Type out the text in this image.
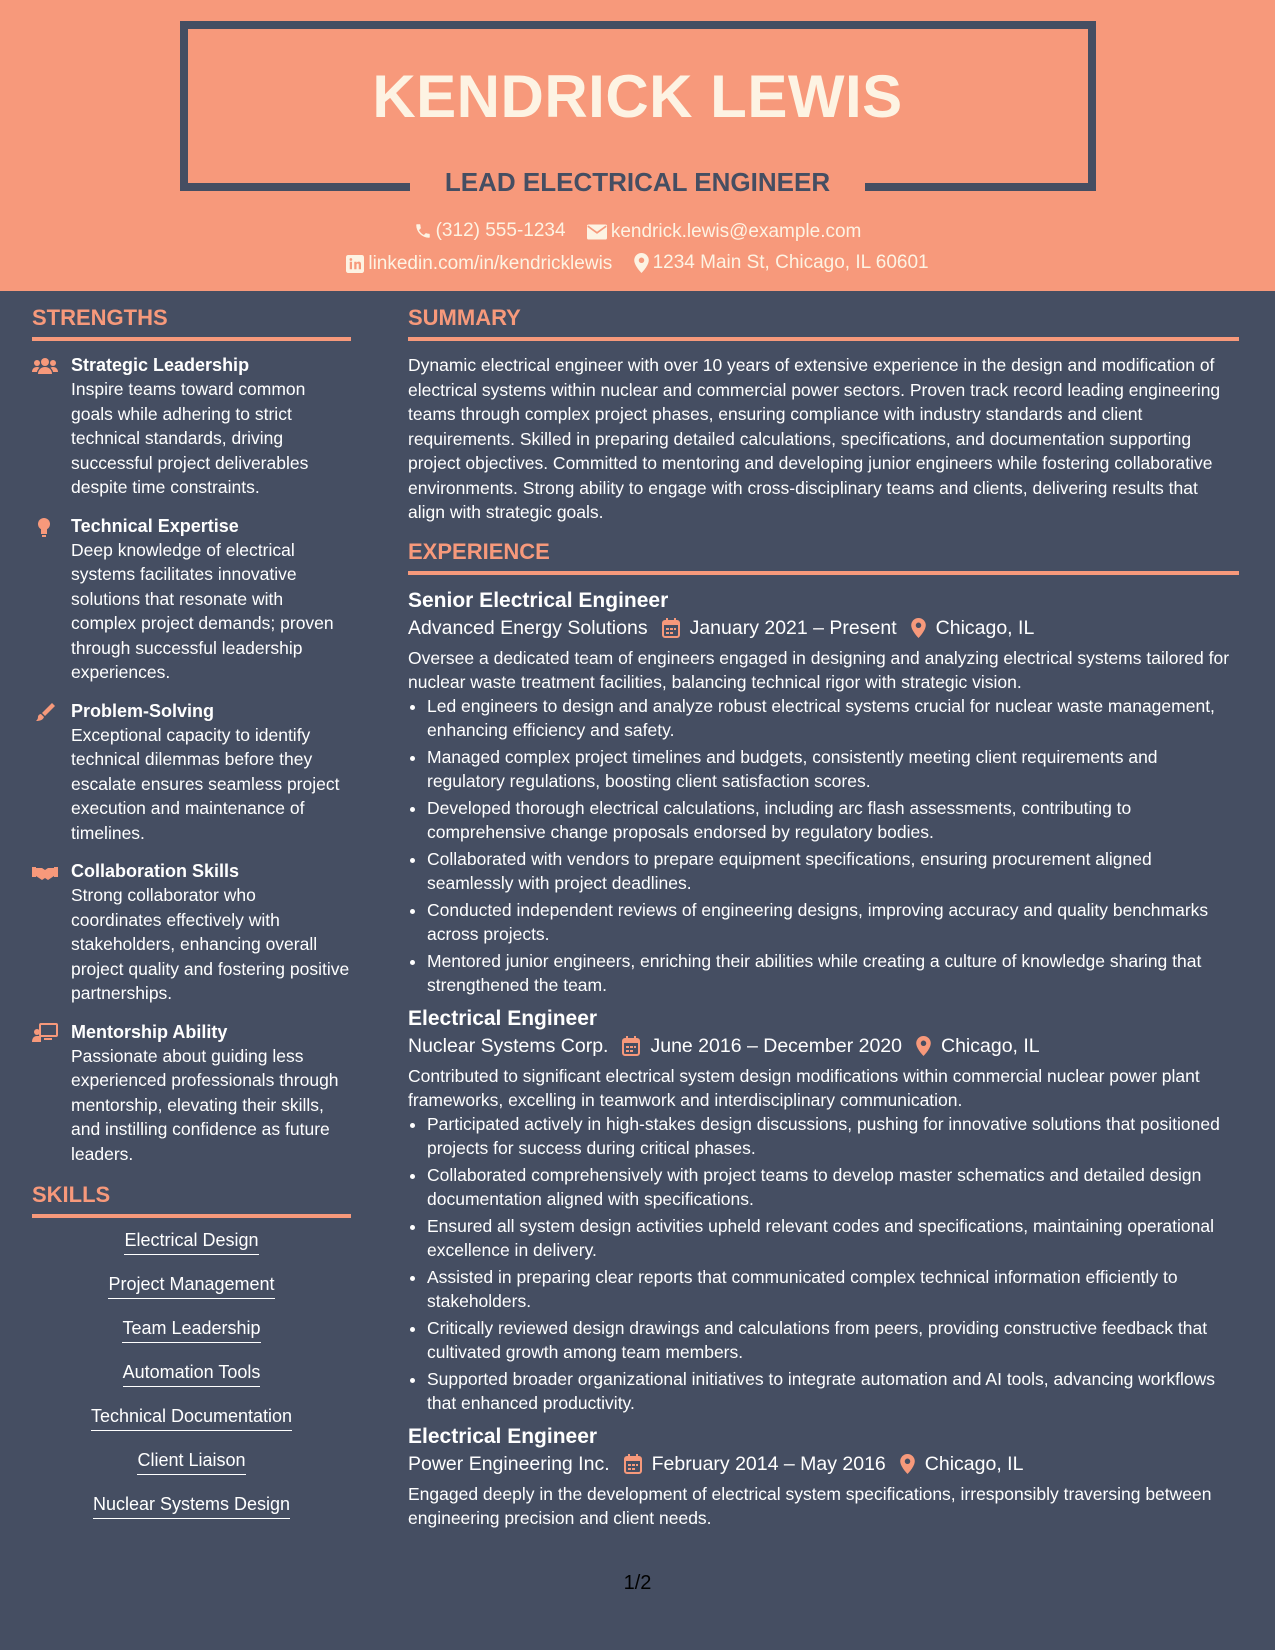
KENDRICK LEWIS
LEAD ELECTRICAL ENGINEER
(312) 555-1234
kendrick.lewis@example.com
linkedin.com/in/kendricklewis
1234 Main St, Chicago, IL 60601
STRENGTHS
Strategic Leadership
Inspire teams toward common goals while adhering to strict technical standards, driving successful project deliverables despite time constraints.
Technical Expertise
Deep knowledge of electrical systems facilitates innovative solutions that resonate with complex project demands; proven through successful leadership experiences.
Problem-Solving
Exceptional capacity to identify technical dilemmas before they escalate ensures seamless project execution and maintenance of timelines.
Collaboration Skills
Strong collaborator who coordinates effectively with stakeholders, enhancing overall project quality and fostering positive partnerships.
Mentorship Ability
Passionate about guiding less experienced professionals through mentorship, elevating their skills, and instilling confidence as future leaders.
SKILLS
Electrical Design
Project Management
Team Leadership
Automation Tools
Technical Documentation
Client Liaison
Nuclear Systems Design
SUMMARY
Dynamic electrical engineer with over 10 years of extensive experience in the design and modification of electrical systems within nuclear and commercial power sectors. Proven track record leading engineering teams through complex project phases, ensuring compliance with industry standards and client requirements. Skilled in preparing detailed calculations, specifications, and documentation supporting project objectives. Committed to mentoring and developing junior engineers while fostering collaborative environments. Strong ability to engage with cross-disciplinary teams and clients, delivering results that align with strategic goals.
EXPERIENCE
Senior Electrical Engineer
Advanced Energy Solutions January 2021 – Present Chicago, IL
Oversee a dedicated team of engineers engaged in designing and analyzing electrical systems tailored for nuclear waste treatment facilities, balancing technical rigor with strategic vision.
• Led engineers to design and analyze robust electrical systems crucial for nuclear waste management, enhancing efficiency and safety.
• Managed complex project timelines and budgets, consistently meeting client requirements and regulatory regulations, boosting client satisfaction scores.
• Developed thorough electrical calculations, including arc flash assessments, contributing to comprehensive change proposals endorsed by regulatory bodies.
• Collaborated with vendors to prepare equipment specifications, ensuring procurement aligned seamlessly with project deadlines.
• Conducted independent reviews of engineering designs, improving accuracy and quality benchmarks across projects.
• Mentored junior engineers, enriching their abilities while creating a culture of knowledge sharing that strengthened the team.
Electrical Engineer
Nuclear Systems Corp. June 2016 – December 2020 Chicago, IL
Contributed to significant electrical system design modifications within commercial nuclear power plant frameworks, excelling in teamwork and interdisciplinary communication.
• Participated actively in high-stakes design discussions, pushing for innovative solutions that positioned projects for success during critical phases.
• Collaborated comprehensively with project teams to develop master schematics and detailed design documentation aligned with specifications.
• Ensured all system design activities upheld relevant codes and specifications, maintaining operational excellence in delivery.
• Assisted in preparing clear reports that communicated complex technical information efficiently to stakeholders.
• Critically reviewed design drawings and calculations from peers, providing constructive feedback that cultivated growth among team members.
• Supported broader organizational initiatives to integrate automation and AI tools, advancing workflows that enhanced productivity.
Electrical Engineer
Power Engineering Inc. February 2014 – May 2016 Chicago, IL
Engaged deeply in the development of electrical system specifications, irresponsibly traversing between engineering precision and client needs.
1/2
